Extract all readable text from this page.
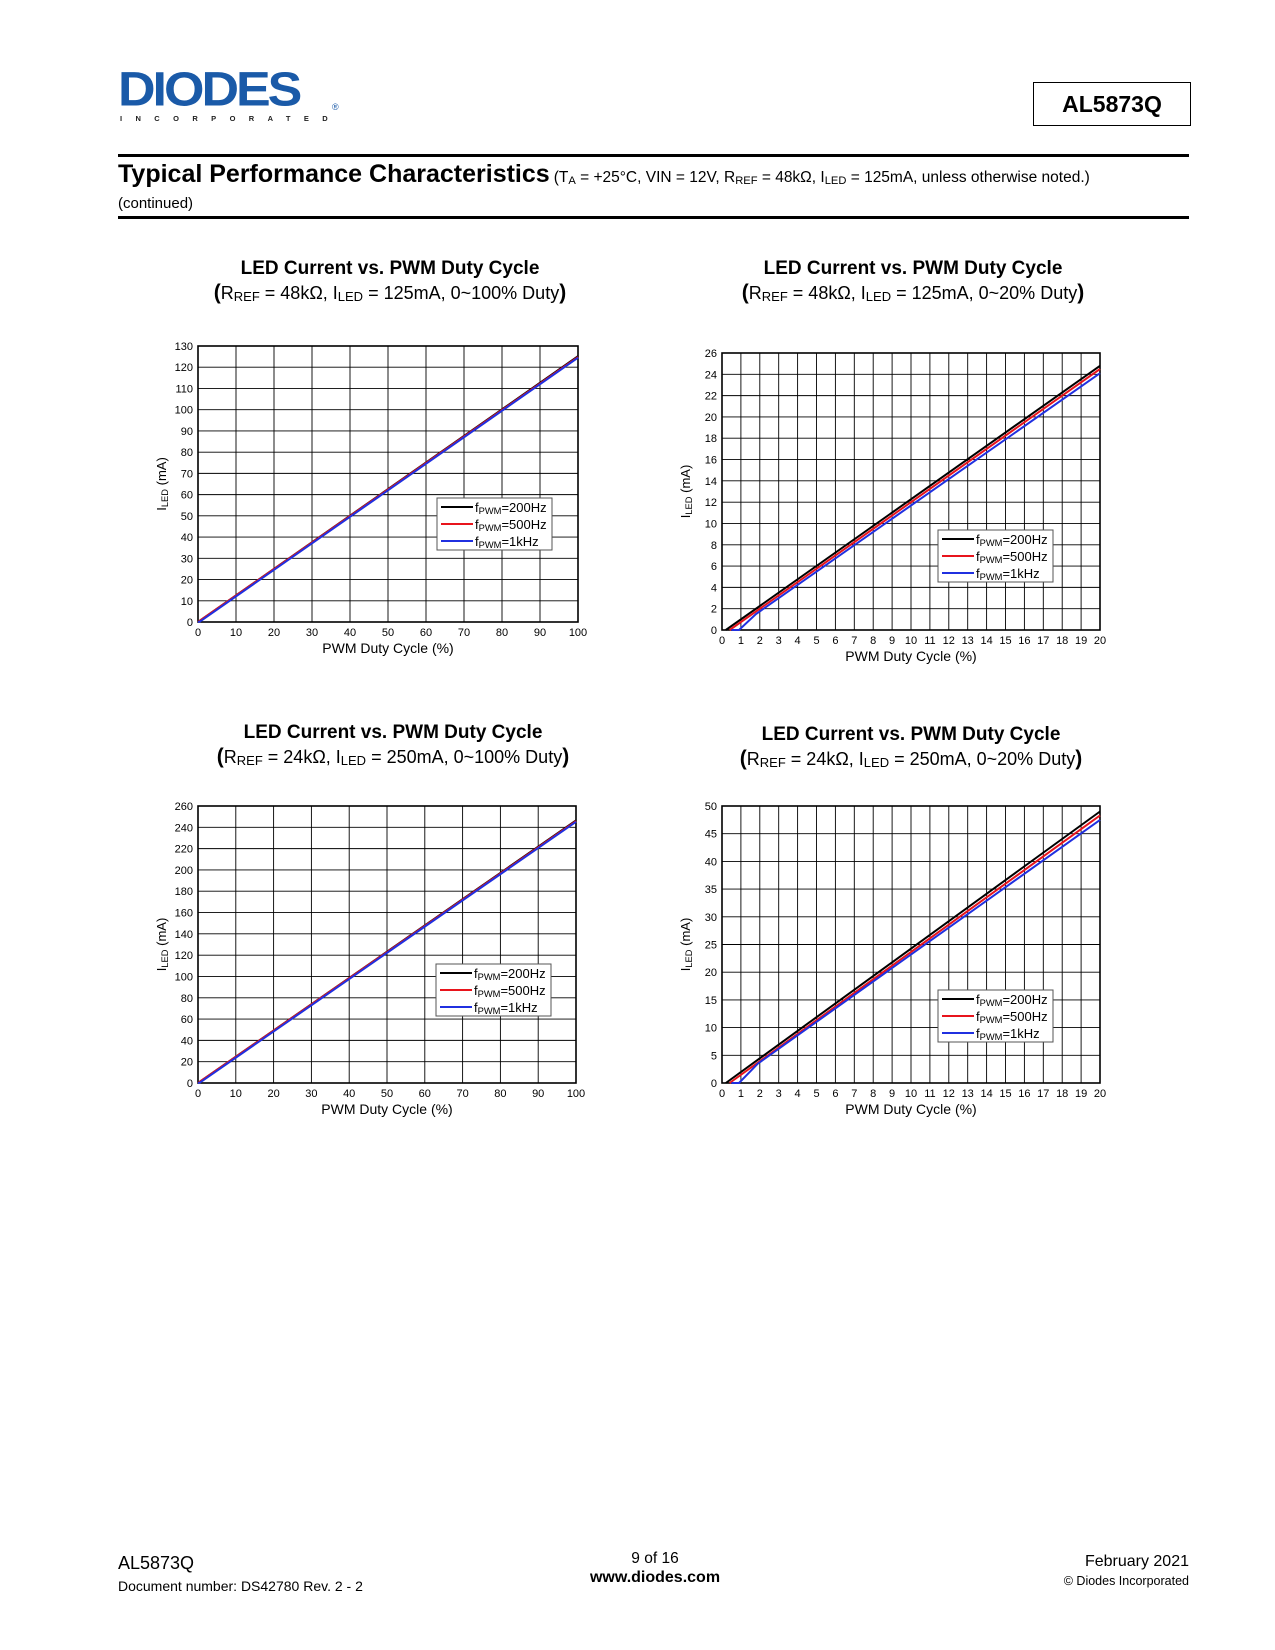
DIODES	®
INCORPORATED
AL5873Q
Typical Performance Characteristics ($T_A = +25^\circ C$, VIN = 12V, $R_{REF} = 48k\Omega$, $I_{LED} = 125mA$, unless otherwise noted.)
(continued)
LED Current vs. PWM Duty Cycle
(RREF = 48kΩ, ILED = 125mA, 0~100% Duty)
0	10 20 30 40 50 60 70 80 90 100
0
10
20
30
40
50
60
70
80
90
100
110
120
130
PWM Duty Cycle (%)
ILED (mA)
fPWM=200Hz
fPWM=500Hz
fPWM=1kHz
LED Current vs. PWM Duty Cycle
(RREF = 48kΩ, ILED = 125mA, 0~20% Duty)
0 1 2 3 4 5 6 7 8 9 10 11 12 13 14 15 16 17 18 19 20
0
2
4
6
8
10
12
14
16
18
20
22
24
26
PWM Duty Cycle (%)
ILED (mA)
fPWM=200Hz
fPWM=500Hz
fPWM=1kHz
LED Current vs. PWM Duty Cycle
(RREF = 24kΩ, ILED = 250mA, 0~100% Duty)
0	10 20 30 40 50 60 70 80 90 100
0
20
40
60
80
100
120
140
160
180
200
220
240
260
PWM Duty Cycle (%)
ILED (mA)
fPWM=200Hz
fPWM=500Hz
fPWM=1kHz
LED Current vs. PWM Duty Cycle
(RREF = 24kΩ, ILED = 250mA, 0~20% Duty)
0 1 2 3 4 5 6 7 8 9 10 11 12 13 14 15 16 17 18 19 20
0
5
10
15
20
25
30
35
40
45
50
PWM Duty Cycle (%)
ILED (mA)
fPWM=200Hz
fPWM=500Hz
fPWM=1kHz
AL5873Q
Document number: DS42780 Rev. 2 - 2
9 of 16
www.diodes.com
February 2021
© Diodes Incorporated
